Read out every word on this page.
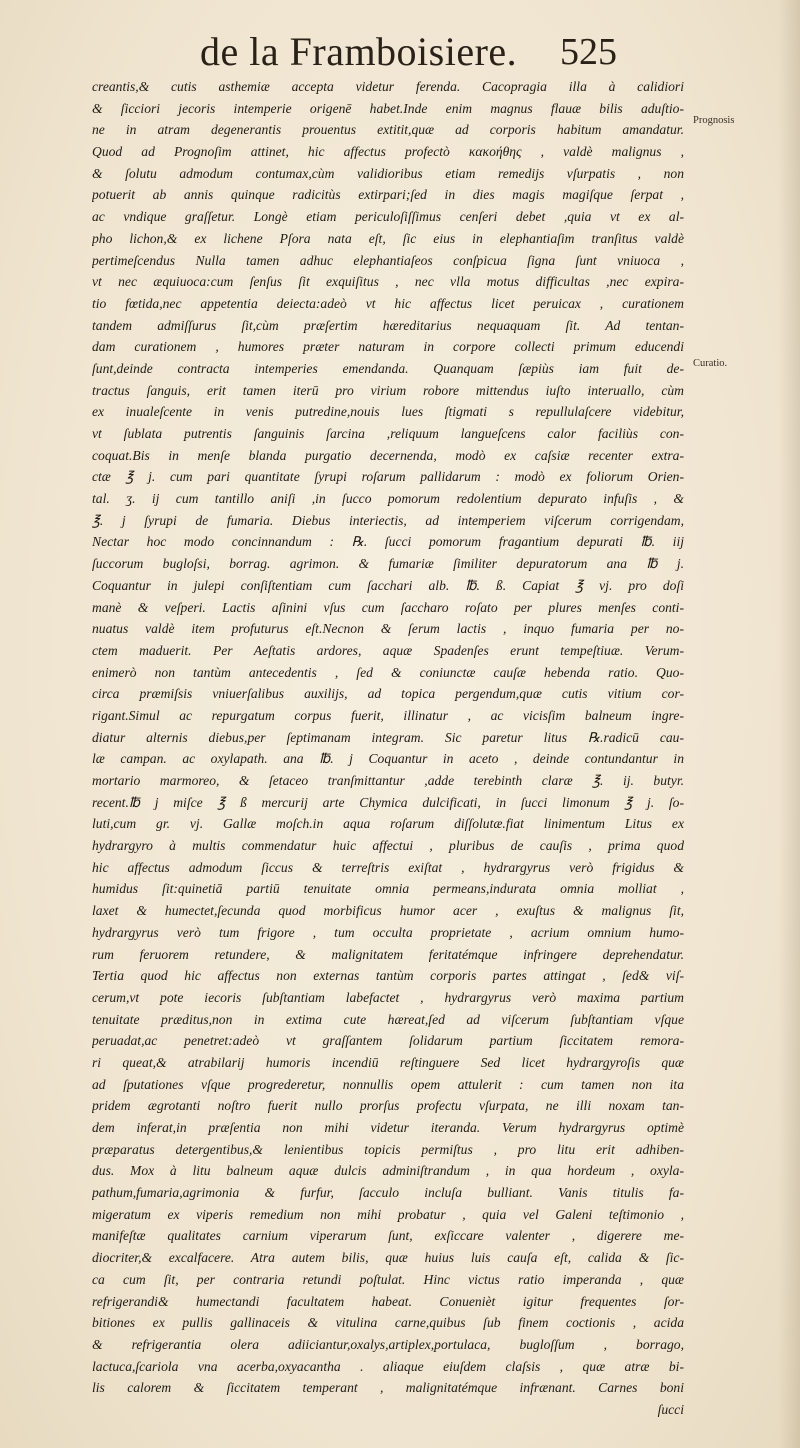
de la Framboisiere. 525
Prognosis
Curatio.
creantis,& cutis asthemiæ accepta videtur ferenda. Cacopragia illa à calidiori
& ſicciori jecoris intemperie origenē habet.Inde enim magnus flauæ bilis aduſtio-
ne in atram degenerantis prouentus extitit,quæ ad corporis habitum amandatur.
Quod ad Prognoſim attinet, hic affectus profectò κακοήθης , valdè malignus ,
& ſolutu admodum contumax,cùm validioribus etiam remedijs vſurpatis , non
potuerit ab annis quinque radicitùs extirpari;ſed in dies magis magiſque ſerpat ,
ac vndique graſſetur. Longè etiam periculoſiſſimus cenſeri debet ,quia vt ex al-
pho lichon,& ex lichene Pſora nata eſt, ſic eius in elephantiaſim tranſitus valdè
pertimeſcendus Nulla tamen adhuc elephantiaſeos conſpicua ſigna ſunt vniuoca ,
vt nec æquiuoca:cum ſenſus ſit exquiſitus , nec vlla motus difficultas ,nec expira-
tio fœtida,nec appetentia deiecta:adeò vt hic affectus licet peruicax , curationem
tandem admiſſurus ſit,cùm præſertim hæreditarius nequaquam ſit. Ad tentan-
dam curationem , humores præter naturam in corpore collecti primum educendi
ſunt,deinde contracta intemperies emendanda. Quanquam ſæpiùs iam fuit de-
tractus ſanguis, erit tamen iterū pro virium robore mittendus iuſto interuallo, cùm
ex inualeſcente in venis putredine,nouis lues ſtigmati s repullulaſcere videbitur,
vt ſublata putrentis ſanguinis ſarcina ,reliquum langueſcens calor faciliùs con-
coquat.Bis in menſe blanda purgatio decernenda, modò ex caſsiæ recenter extra-
ctæ ℥ j. cum pari quantitate ſyrupi roſarum pallidarum : modò ex foliorum Orien-
tal. ʒ. ij cum tantillo aniſi ,in ſucco pomorum redolentium depurato infuſis , &
℥. j ſyrupi de fumaria. Diebus interiectis, ad intemperiem viſcerum corrigendam,
Nectar hoc modo concinnandum : ℞. ſucci pomorum fragantium depurati ℔. iij
ſuccorum bugloſsi, borrag. agrimon. & fumariæ ſimiliter depuratorum ana ℔ j.
Coquantur in julepi conſiſtentiam cum ſacchari alb. ℔. ß. Capiat ℥ vj. pro doſi
manè & veſperi. Lactis aſinini vſus cum ſaccharo roſato per plures menſes conti-
nuatus valdè item profuturus eſt.Necnon & ſerum lactis , inquo fumaria per no-
ctem maduerit. Per Aeſtatis ardores, aquæ Spadenſes erunt tempeſtiuæ. Verum-
enimerò non tantùm antecedentis , ſed & coniunctæ cauſæ hebenda ratio. Quo-
circa præmiſsis vniuerſalibus auxilijs, ad topica pergendum,quæ cutis vitium cor-
rigant.Simul ac repurgatum corpus fuerit, illinatur , ac vicisſim balneum ingre-
diatur alternis diebus,per ſeptimanam integram. Sic paretur litus ℞.radicū cau-
læ campan. ac oxylapath. ana ℔. j Coquantur in aceto , deinde contundantur in
mortario marmoreo, & ſetaceo tranſmittantur ,adde terebinth claræ ℥. ij. butyr.
recent.℔ j miſce ℥ ß mercurij arte Chymica dulcificati, in ſucci limonum ℥ j. ſo-
luti,cum gr. vj. Gallæ moſch.in aqua roſarum diſſolutæ.fiat linimentum Litus ex
hydrargyro à multis commendatur huic affectui , pluribus de cauſis , prima quod
hic affectus admodum ſiccus & terreſtris exiſtat , hydrargyrus verò frigidus &
humidus ſit:quinetiā partiū tenuitate omnia permeans,indurata omnia molliat ,
laxet & humectet,ſecunda quod morbificus humor acer , exuſtus & malignus ſit,
hydrargyrus verò tum frigore , tum occulta proprietate , acrium omnium humo-
rum feruorem retundere, & malignitatem feritatémque infringere deprehendatur.
Tertia quod hic affectus non externas tantùm corporis partes attingat , ſed& viſ-
cerum,vt pote iecoris ſubſtantiam labefactet , hydrargyrus verò maxima partium
tenuitate præditus,non in extima cute hæreat,ſed ad viſcerum ſubſtantiam vſque
peruadat,ac penetret:adeò vt graſſantem ſolidarum partium ſiccitatem remora-
ri queat,& atrabilarij humoris incendiū reſtinguere Sed licet hydrargyroſis quæ
ad ſputationes vſque progrederetur, nonnullis opem attulerit : cum tamen non ita
pridem ægrotanti noſtro fuerit nullo prorſus profectu vſurpata, ne illi noxam tan-
dem inferat,in præſentia non mihi videtur iteranda. Verum hydrargyrus optimè
præparatus detergentibus,& lenientibus topicis permiſtus , pro litu erit adhiben-
dus. Mox à litu balneum aquæ dulcis adminiſtrandum , in qua hordeum , oxyla-
pathum,fumaria,agrimonia & furfur, ſacculo incluſa bulliant. Vanis titulis fa-
migeratum ex viperis remedium non mihi probatur , quia vel Galeni teſtimonio ,
manifeſtæ qualitates carnium viperarum ſunt, exſiccare valenter , digerere me-
diocriter,& excalfacere. Atra autem bilis, quæ huius luis cauſa eſt, calida & ſic-
ca cum ſit, per contraria retundi poſtulat. Hinc victus ratio imperanda , quæ
refrigerandi& humectandi facultatem habeat. Conuenièt igitur frequentes ſor-
bitiones ex pullis gallinaceis & vitulina carne,quibus ſub finem coctionis , acida
& refrigerantia olera adiiciantur,oxalys,artiplex,portulaca, bugloſſum , borrago,
lactuca,ſcariola vna acerba,oxyacantha . aliaque eiuſdem claſsis , quæ atræ bi-
lis calorem & ſiccitatem temperant , malignitatémque infrænant. Carnes boni
ſucci
